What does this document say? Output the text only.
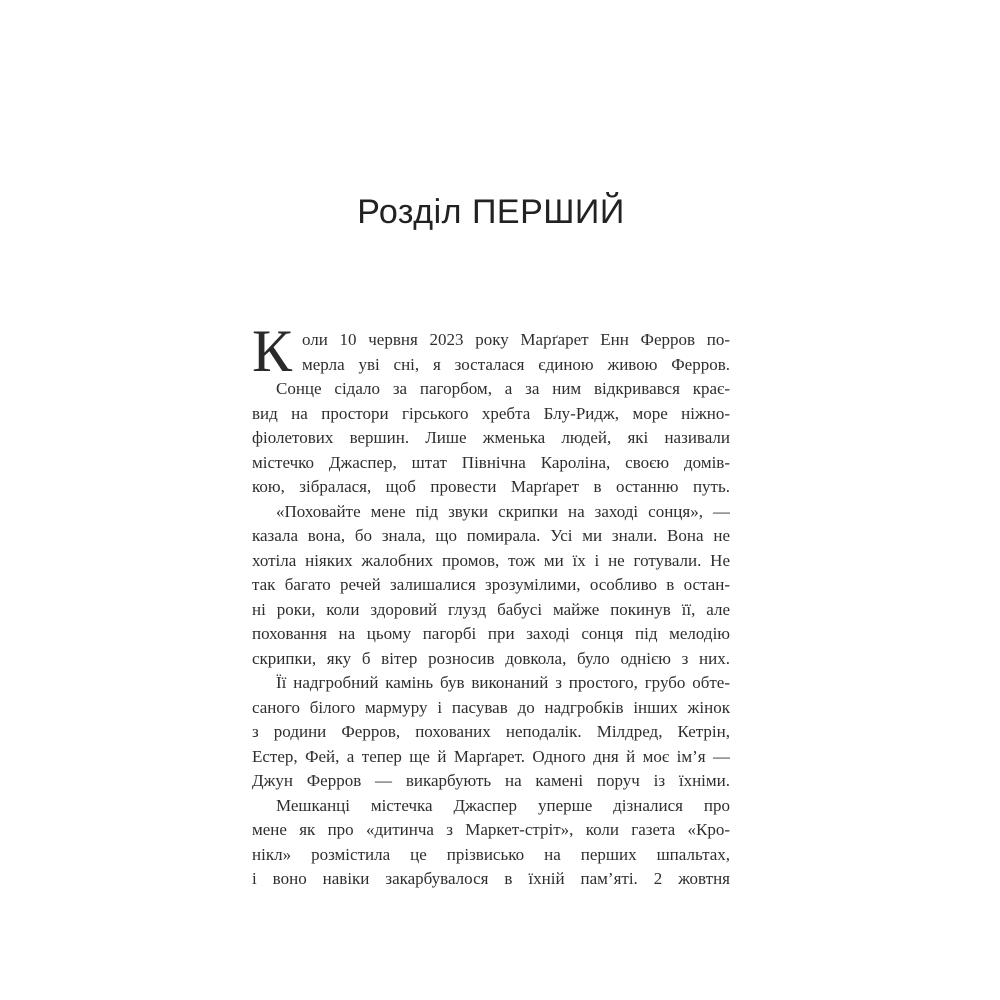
Розділ ПЕРШИЙ
К оли 10 червня 2023 року Марґарет Енн Ферров по-
мерла уві сні, я зосталася єдиною живою Ферров.
Сонце сідало за пагорбом, а за ним відкривався крає-
вид на простори гірського хребта Блу-Ридж, море ніжно-
фіолетових вершин. Лише жменька людей, які називали
містечко Джаспер, штат Північна Кароліна, своєю домів-
кою, зібралася, щоб провести Марґарет в останню путь.
«Поховайте мене під звуки скрипки на заході сонця», —
казала вона, бо знала, що помирала. Усі ми знали. Вона не
хотіла ніяких жалобних промов, тож ми їх і не готували. Не
так багато речей залишалися зрозумілими, особливо в остан-
ні роки, коли здоровий глузд бабусі майже покинув її, але
поховання на цьому пагорбі при заході сонця під мелодію
скрипки, яку б вітер розносив довкола, було однією з них.
Її надгробний камінь був виконаний з простого, грубо обте-
саного білого мармуру і пасував до надгробків інших жінок
з родини Ферров, похованих неподалік. Мілдред, Кетрін,
Естер, Фей, а тепер ще й Марґарет. Одного дня й моє ім’я —
Джун Ферров — викарбують на камені поруч із їхніми.
Мешканці містечка Джаспер уперше дізналися про
мене як про «дитинча з Маркет-стріт», коли газета «Кро-
нікл» розмістила це прізвисько на перших шпальтах,
і воно навіки закарбувалося в їхній пам’яті. 2 жовтня
